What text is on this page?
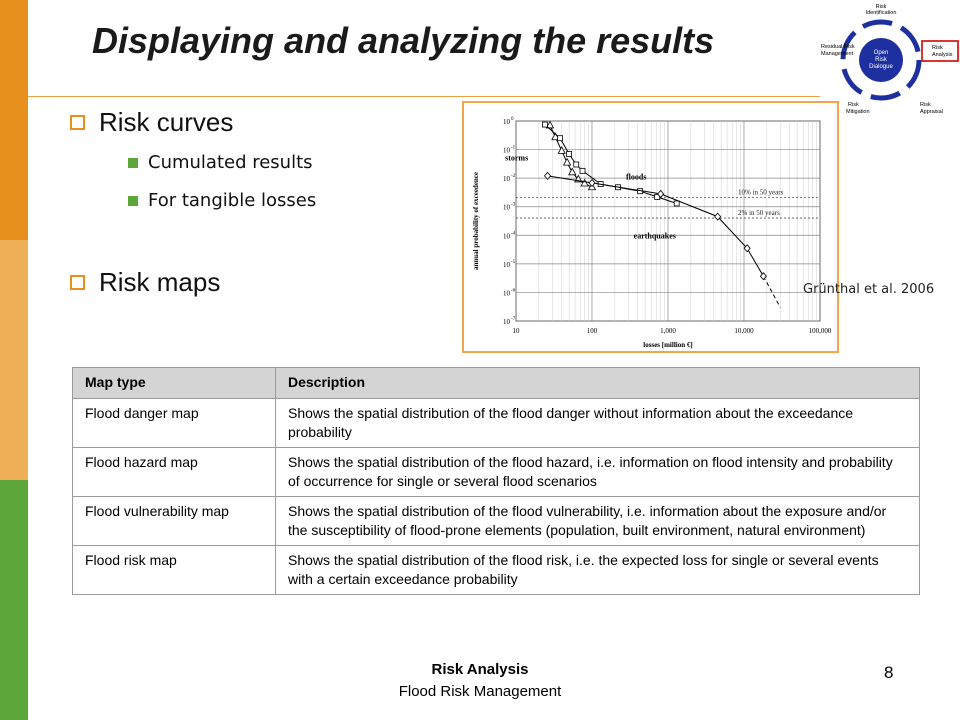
Displaying and analyzing the results	Open
Risk
Dialogue
Risk
Identification
Risk
Analysis
Risk
Appraisal
Risk
Mitigation
Residual Risk
Management
Risk curves
Cumulated results
For tangible losses
Risk maps
10% in 50 years
2% in 50 years
10	100	1,000	10,000	100,000
10 0
10 -1
10 -2
10 -3
10 -4
10 -5
10 -6
10 -7
losses [million €]
annual probability of exceedence
storms
floods
earthquakes
Grünthal et al. 2006
Map type	Description
Flood danger map	Shows the spatial distribution of the flood danger without information about the exceedance probability
Flood hazard map	Shows the spatial distribution of the flood hazard, i.e. information on flood intensity and probability of occurrence for single or several flood scenarios
Flood vulnerability map	Shows the spatial distribution of the flood vulnerability, i.e. information about the exposure and/or the susceptibility of flood-prone elements (population, built environment, natural environment)
Flood risk map	Shows the spatial distribution of the flood risk, i.e. the expected loss for single or several events with a certain exceedance probability
Risk Analysis
Flood Risk Management
8
